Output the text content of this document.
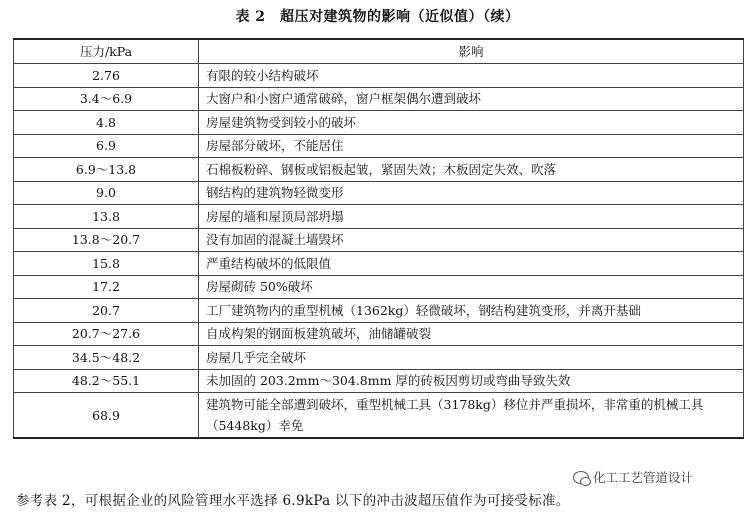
表 2　超压对建筑物的影响（近似值）（续）
压力/kPa	影响
2.76	有限的较小结构破坏
3.4～6.9	大窗户和小窗户通常破碎，窗户框架偶尔遭到破坏
4.8	房屋建筑物受到较小的破坏
6.9	房屋部分破坏，不能居住
6.9～13.8	石棉板粉碎、钢板或铝板起皱，紧固失效；木板固定失效、吹落
9.0	钢结构的建筑物轻微变形
13.8	房屋的墙和屋顶局部坍塌
13.8～20.7	没有加固的混凝土墙毁坏
15.8	严重结构破坏的低限值
17.2	房屋砌砖 50%破坏
20.7	工厂建筑物内的重型机械（1362kg）轻微破坏，钢结构建筑变形，并离开基础
20.7～27.6	自成构架的钢面板建筑破坏，油储罐破裂
34.5～48.2	房屋几乎完全破坏
48.2～55.1	未加固的 203.2mm～304.8mm 厚的砖板因剪切或弯曲导致失效
68.9	建筑物可能全部遭到破坏，重型机械工具（3178kg）移位并严重损坏，非常重的机械工具（5448kg）幸免
化工工艺管道设计
参考表 2，可根据企业的风险管理水平选择 6.9kPa 以下的冲击波超压值作为可接受标准。
